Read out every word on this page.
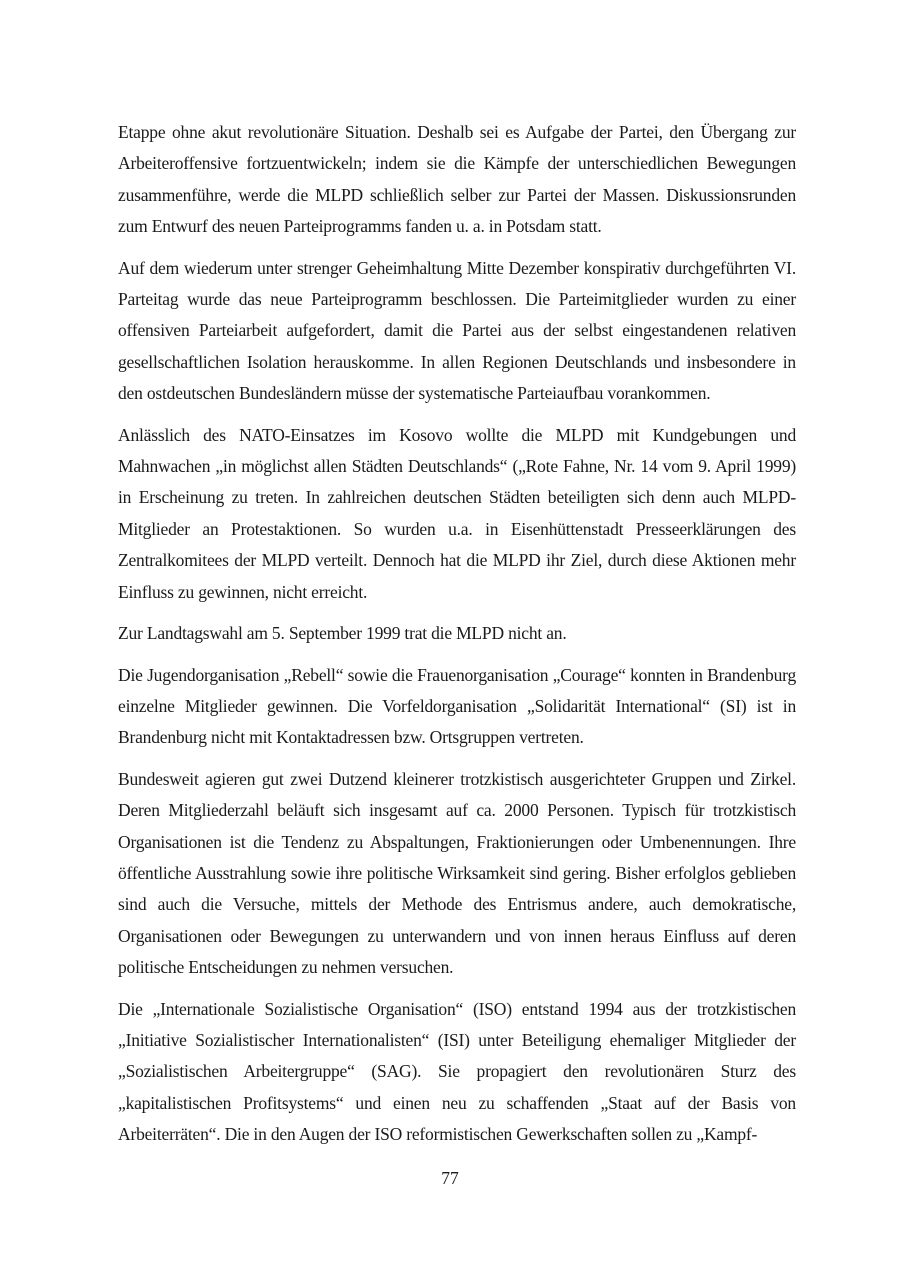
Etappe ohne akut revolutionäre Situation. Deshalb sei es Aufgabe der Partei, den Übergang zur Arbeiteroffensive fortzuentwickeln; indem sie die Kämpfe der unterschiedlichen Bewegungen zusammenführe, werde die MLPD schließlich selber zur Partei der Massen. Diskussionsrunden zum Entwurf des neuen Parteiprogramms fanden u. a. in Potsdam statt.

Auf dem wiederum unter strenger Geheimhaltung Mitte Dezember konspirativ durchgeführten VI. Parteitag wurde das neue Parteiprogramm beschlossen. Die Parteimitglieder wurden zu einer offensiven Parteiarbeit aufgefordert, damit die Partei aus der selbst eingestandenen relativen gesellschaftlichen Isolation herauskomme. In allen Regionen Deutschlands und insbesondere in den ostdeutschen Bundesländern müsse der systematische Parteiaufbau vorankommen.

Anlässlich des NATO-Einsatzes im Kosovo wollte die MLPD mit Kundgebungen und Mahnwachen „in möglichst allen Städten Deutschlands“ („Rote Fahne, Nr. 14 vom 9. April 1999) in Erscheinung zu treten. In zahlreichen deutschen Städten beteiligten sich denn auch MLPD-Mitglieder an Protestaktionen. So wurden u.a. in Eisenhüttenstadt Presseerklärungen des Zentralkomitees der MLPD verteilt. Dennoch hat die MLPD ihr Ziel, durch diese Aktionen mehr Einfluss zu gewinnen, nicht erreicht.

Zur Landtagswahl am 5. September 1999 trat die MLPD nicht an.

Die Jugendorganisation „Rebell“ sowie die Frauenorganisation „Courage“ konnten in Brandenburg einzelne Mitglieder gewinnen. Die Vorfeldorganisation „Solidarität International“ (SI) ist in Brandenburg nicht mit Kontaktadressen bzw. Ortsgruppen vertreten.

Bundesweit agieren gut zwei Dutzend kleinerer trotzkistisch ausgerichteter Gruppen und Zirkel. Deren Mitgliederzahl beläuft sich insgesamt auf ca. 2000 Personen. Typisch für trotzkistisch Organisationen ist die Tendenz zu Abspaltungen, Fraktionierungen oder Umbenennungen. Ihre öffentliche Ausstrahlung sowie ihre politische Wirksamkeit sind gering. Bisher erfolglos geblieben sind auch die Versuche, mittels der Methode des Entrismus andere, auch demokratische, Organisationen oder Bewegungen zu unterwandern und von innen heraus Einfluss auf deren politische Entscheidungen zu nehmen versuchen.

Die „Internationale Sozialistische Organisation“ (ISO) entstand 1994 aus der trotzkistischen „Initiative Sozialistischer Internationalisten“ (ISI) unter Beteiligung ehemaliger Mitglieder der „Sozialistischen Arbeitergruppe“ (SAG). Sie propagiert den revolutionären Sturz des „kapitalistischen Profitsystems“ und einen neu zu schaffenden „Staat auf der Basis von Arbeiterräten“. Die in den Augen der ISO reformistischen Gewerkschaften sollen zu „Kampf-

77
